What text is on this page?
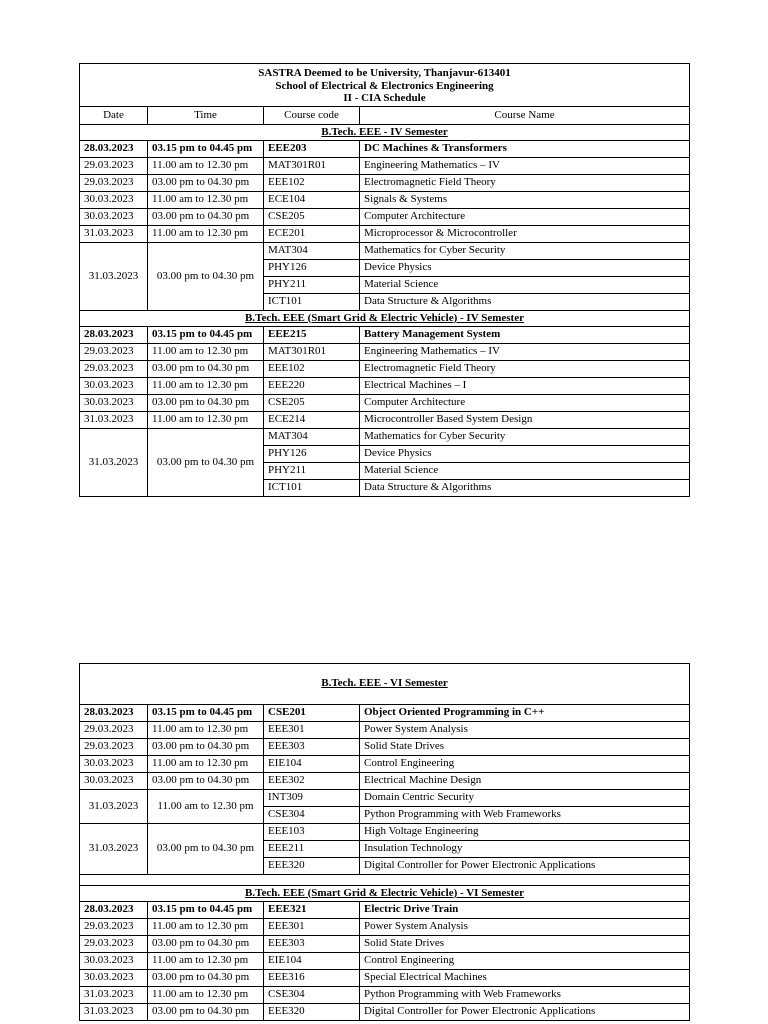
SASTRA Deemed to be University, Thanjavur-613401
School of Electrical & Electronics Engineering
II - CIA Schedule			

Date	Time	Course code	Course Name
B.Tech. EEE - IV Semester			
28.03.2023	03.15 pm to 04.45 pm	EEE203	DC Machines & Transformers
29.03.2023	11.00 am to 12.30 pm	MAT301R01	Engineering Mathematics – IV
29.03.2023	03.00 pm to 04.30 pm	EEE102	Electromagnetic Field Theory
30.03.2023	11.00 am to 12.30 pm	ECE104	Signals & Systems
30.03.2023	03.00 pm to 04.30 pm	CSE205	Computer Architecture
31.03.2023	11.00 am to 12.30 pm	ECE201	Microprocessor & Microcontroller
31.03.2023	03.00 pm to 04.30 pm	MAT304	Mathematics for Cyber Security
		PHY126	Device Physics
		PHY211	Material Science
		ICT101	Data Structure & Algorithms
B.Tech. EEE (Smart Grid & Electric Vehicle) - IV Semester			
28.03.2023	03.15 pm to 04.45 pm	EEE215	Battery Management System
29.03.2023	11.00 am to 12.30 pm	MAT301R01	Engineering Mathematics – IV
29.03.2023	03.00 pm to 04.30 pm	EEE102	Electromagnetic Field Theory
30.03.2023	11.00 am to 12.30 pm	EEE220	Electrical Machines – I
30.03.2023	03.00 pm to 04.30 pm	CSE205	Computer Architecture
31.03.2023	11.00 am to 12.30 pm	ECE214	Microcontroller Based System Design
31.03.2023	03.00 pm to 04.30 pm	MAT304	Mathematics for Cyber Security
		PHY126	Device Physics
		PHY211	Material Science
		ICT101	Data Structure & Algorithms
B.Tech. EEE - VI Semester			
28.03.2023	03.15 pm to 04.45 pm	CSE201	Object Oriented Programming in C++
29.03.2023	11.00 am to 12.30 pm	EEE301	Power System Analysis
29.03.2023	03.00 pm to 04.30 pm	EEE303	Solid State Drives
30.03.2023	11.00 am to 12.30 pm	EIE104	Control Engineering
30.03.2023	03.00 pm to 04.30 pm	EEE302	Electrical Machine Design
31.03.2023	11.00 am to 12.30 pm	INT309	Domain Centric Security
		CSE304	Python Programming with Web Frameworks
31.03.2023	03.00 pm to 04.30 pm	EEE103	High Voltage Engineering
		EEE211	Insulation Technology
		EEE320	Digital Controller for Power Electronic Applications

B.Tech. EEE (Smart Grid & Electric Vehicle) - VI Semester			
28.03.2023	03.15 pm to 04.45 pm	EEE321	Electric Drive Train
29.03.2023	11.00 am to 12.30 pm	EEE301	Power System Analysis
29.03.2023	03.00 pm to 04.30 pm	EEE303	Solid State Drives
30.03.2023	11.00 am to 12.30 pm	EIE104	Control Engineering
30.03.2023	03.00 pm to 04.30 pm	EEE316	Special Electrical Machines
31.03.2023	11.00 am to 12.30 pm	CSE304	Python Programming with Web Frameworks
31.03.2023	03.00 pm to 04.30 pm	EEE320	Digital Controller for Power Electronic Applications
